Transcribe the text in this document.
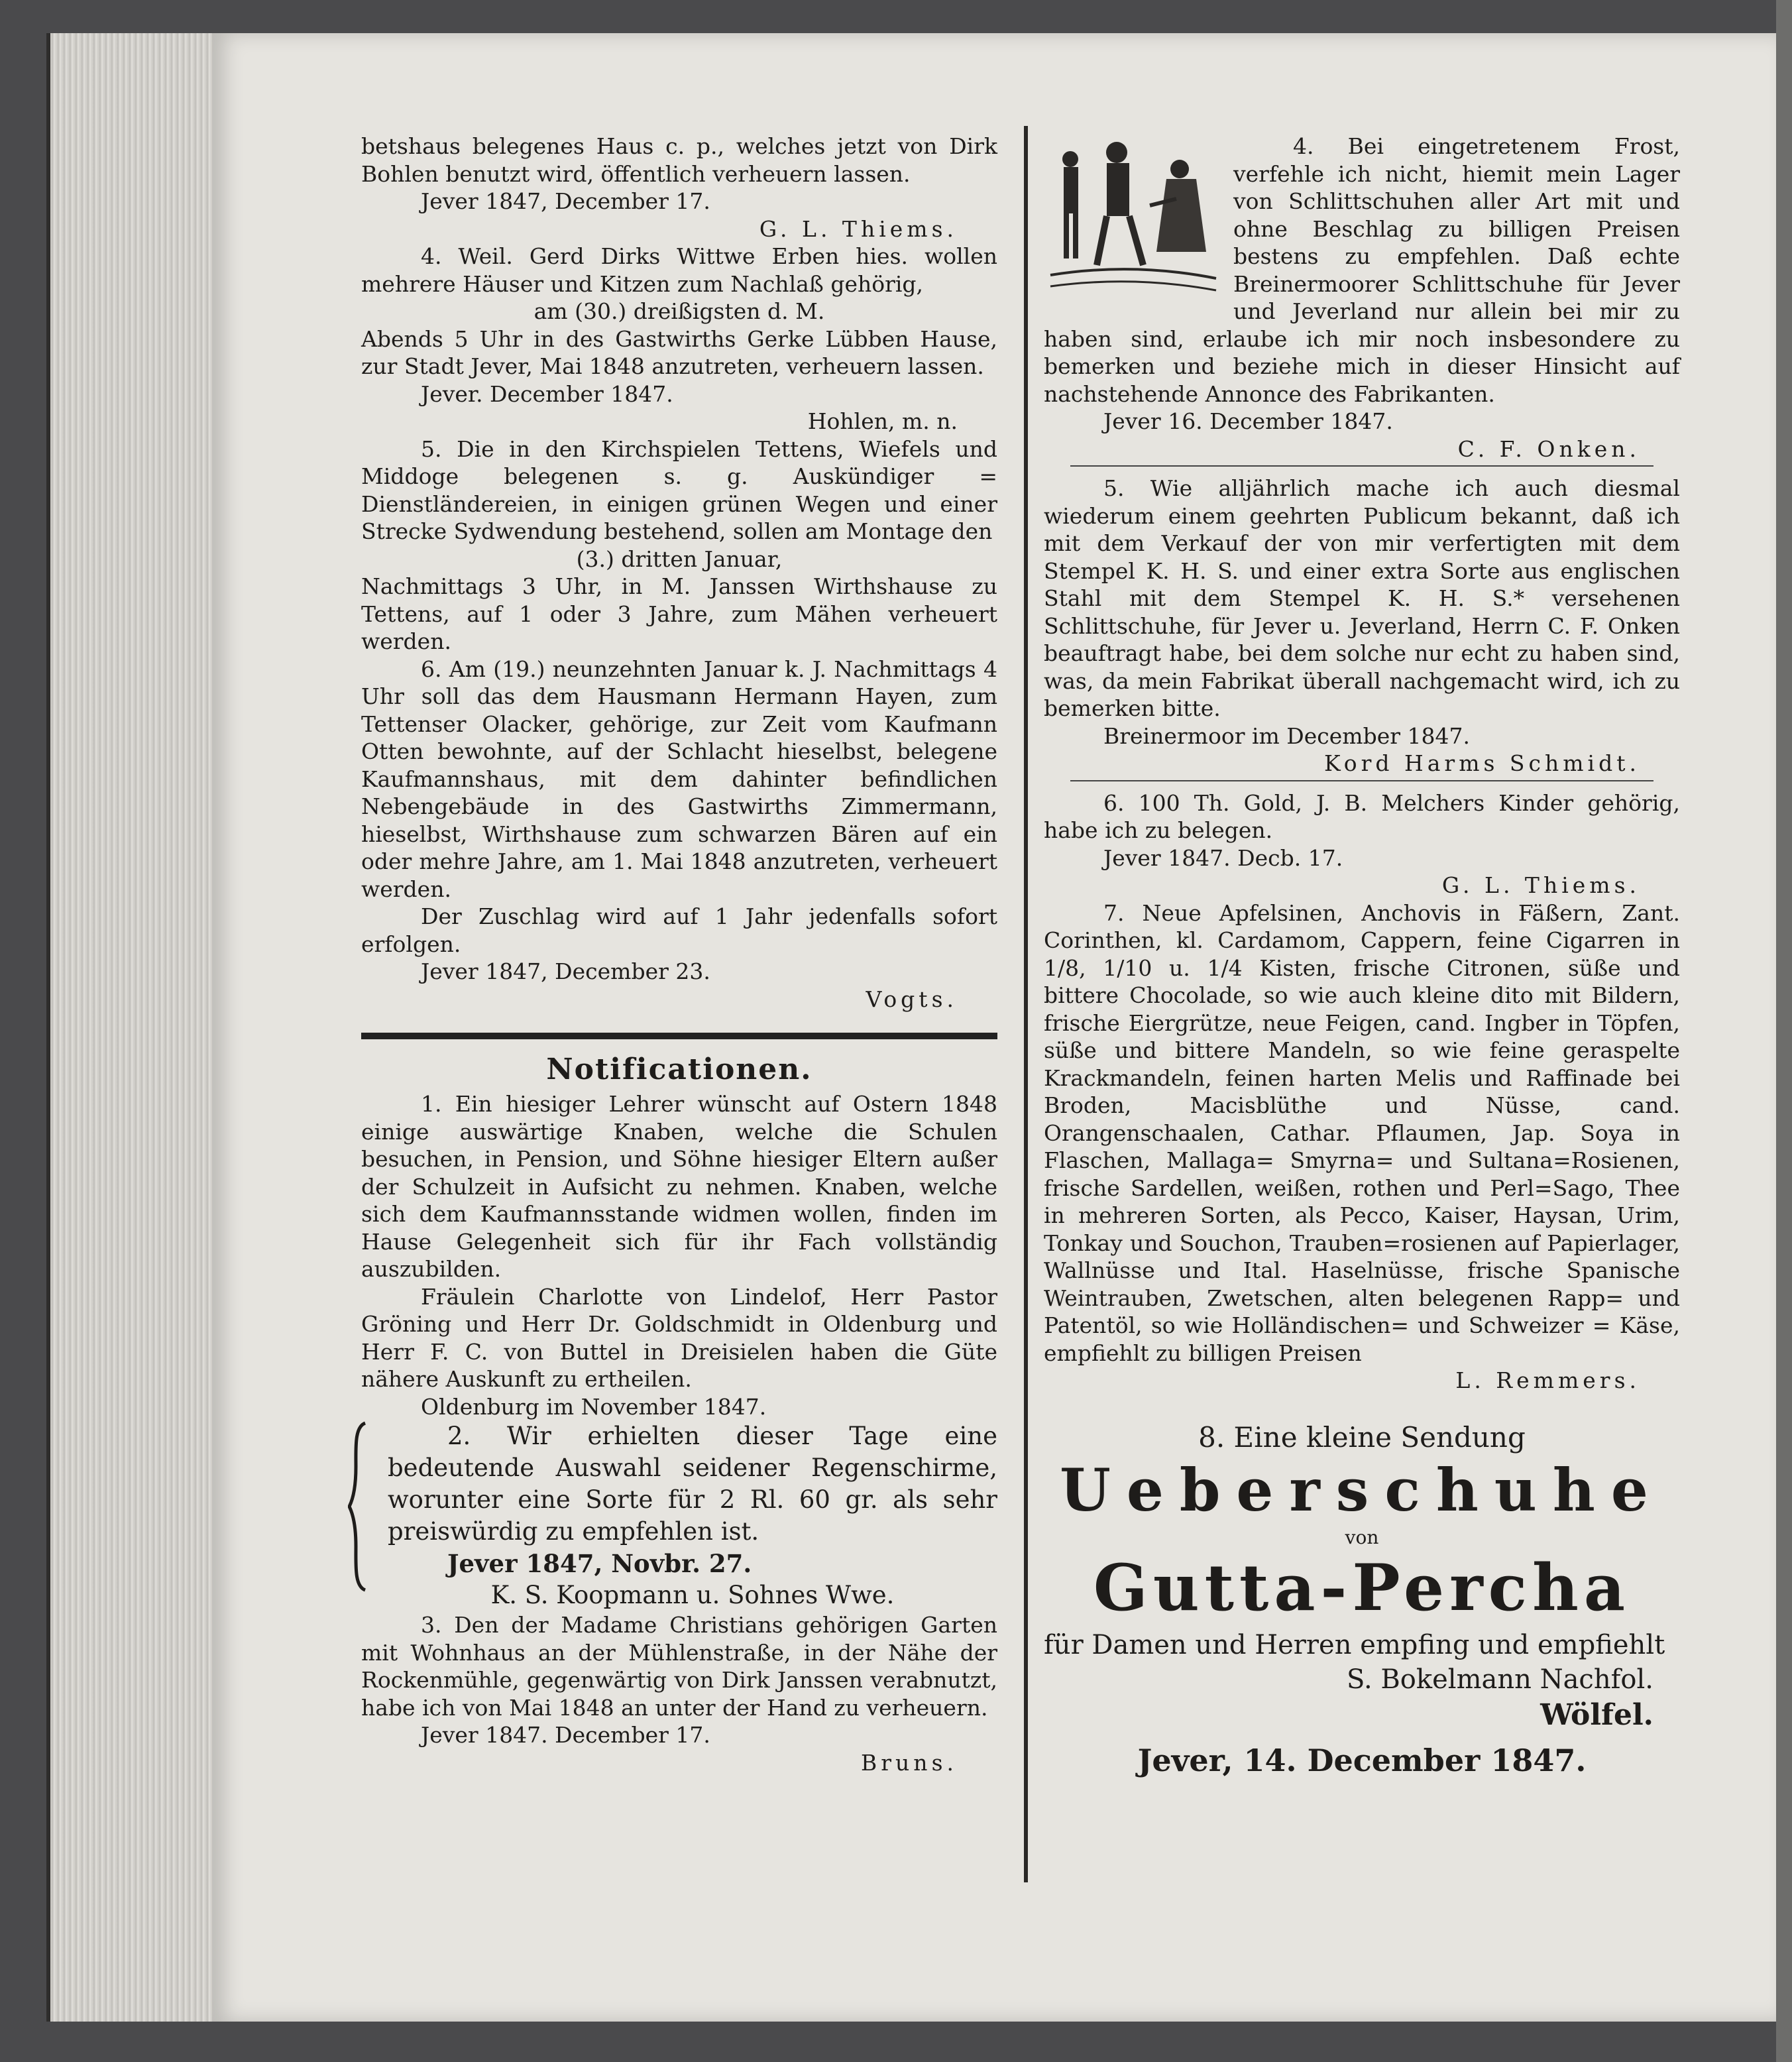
betshaus belegenes Haus c. p., welches jetzt von Dirk Bohlen benutzt wird, öffentlich verheuern lassen.

Jever 1847, December 17.

G. L. Thiems.

4. Weil. Gerd Dirks Wittwe Erben hies. wollen mehrere Häuser und Kitzen zum Nachlaß gehörig,

am (30.) dreißigsten d. M.

Abends 5 Uhr in des Gastwirths Gerke Lübben Hause, zur Stadt Jever, Mai 1848 anzutreten, verheuern lassen.

Jever. December 1847.

Hohlen, m. n.

5. Die in den Kirchspielen Tettens, Wiefels und Middoge belegenen s. g. Auskündiger = Dienstländereien, in einigen grünen Wegen und einer Strecke Sydwendung bestehend, sollen am Montage den

(3.) dritten Januar,

Nachmittags 3 Uhr, in M. Janssen Wirthshause zu Tettens, auf 1 oder 3 Jahre, zum Mähen verheuert werden.

6. Am (19.) neunzehnten Januar k. J. Nachmittags 4 Uhr soll das dem Hausmann Hermann Hayen, zum Tettenser Olacker, gehörige, zur Zeit vom Kaufmann Otten bewohnte, auf der Schlacht hieselbst, belegene Kaufmannshaus, mit dem dahinter befindlichen Nebengebäude in des Gastwirths Zimmermann, hieselbst, Wirthshause zum schwarzen Bären auf ein oder mehre Jahre, am 1. Mai 1848 anzutreten, verheuert werden.

Der Zuschlag wird auf 1 Jahr jedenfalls sofort erfolgen.

Jever 1847, December 23.

Vogts.

Notificationen.

1. Ein hiesiger Lehrer wünscht auf Ostern 1848 einige auswärtige Knaben, welche die Schulen besuchen, in Pension, und Söhne hiesiger Eltern außer der Schulzeit in Aufsicht zu nehmen. Knaben, welche sich dem Kaufmannsstande widmen wollen, finden im Hause Gelegenheit sich für ihr Fach vollständig auszubilden.

Fräulein Charlotte von Lindelof, Herr Pastor Gröning und Herr Dr. Goldschmidt in Oldenburg und Herr F. C. von Buttel in Dreisielen haben die Güte nähere Auskunft zu ertheilen.

Oldenburg im November 1847.

2. Wir erhielten dieser Tage eine bedeutende Auswahl seidener Regenschirme, worunter eine Sorte für 2 Rl. 60 gr. als sehr preiswürdig zu empfehlen ist.

Jever 1847, Novbr. 27.

K. S. Koopmann u. Sohnes Wwe.

3. Den der Madame Christians gehörigen Garten mit Wohnhaus an der Mühlenstraße, in der Nähe der Rockenmühle, gegenwärtig von Dirk Janssen verabnutzt, habe ich von Mai 1848 an unter der Hand zu verheuern.

Jever 1847. December 17.

Bruns.

4. Bei eingetretenem Frost, verfehle ich nicht, hiemit mein Lager von Schlittschuhen aller Art mit und ohne Beschlag zu billigen Preisen bestens zu empfehlen. Daß echte Breinermoorer Schlittschuhe für Jever und Jeverland nur allein bei mir zu haben sind, erlaube ich mir noch insbesondere zu bemerken und beziehe mich in dieser Hinsicht auf nachstehende Annonce des Fabrikanten.

Jever 16. December 1847.

C. F. Onken.

5. Wie alljährlich mache ich auch diesmal wiederum einem geehrten Publicum bekannt, daß ich mit dem Verkauf der von mir verfertigten mit dem Stempel K. H. S. und einer extra Sorte aus englischen Stahl mit dem Stempel K. H. S.* versehenen Schlittschuhe, für Jever u. Jeverland, Herrn C. F. Onken beauftragt habe, bei dem solche nur echt zu haben sind, was, da mein Fabrikat überall nachgemacht wird, ich zu bemerken bitte.

Breinermoor im December 1847.

Kord Harms Schmidt.

6. 100 Th. Gold, J. B. Melchers Kinder gehörig, habe ich zu belegen.

Jever 1847. Decb. 17.

G. L. Thiems.

7. Neue Apfelsinen, Anchovis in Fäßern, Zant. Corinthen, kl. Cardamom, Cappern, feine Cigarren in 1/8, 1/10 u. 1/4 Kisten, frische Citronen, süße und bittere Chocolade, so wie auch kleine dito mit Bildern, frische Eiergrütze, neue Feigen, cand. Ingber in Töpfen, süße und bittere Mandeln, so wie feine geraspelte Krackmandeln, feinen harten Melis und Raffinade bei Broden, Macisblüthe und Nüsse, cand. Orangenschaalen, Cathar. Pflaumen, Jap. Soya in Flaschen, Mallaga= Smyrna= und Sultana=Rosienen, frische Sardellen, weißen, rothen und Perl=Sago, Thee in mehreren Sorten, als Pecco, Kaiser, Haysan, Urim, Tonkay und Souchon, Trauben=rosienen auf Papierlager, Wallnüsse und Ital. Haselnüsse, frische Spanische Weintrauben, Zwetschen, alten belegenen Rapp= und Patentöl, so wie Holländischen= und Schweizer = Käse, empfiehlt zu billigen Preisen

L. Remmers.

8. Eine kleine Sendung
Ueberschuhe
von
Gutta-Percha
für Damen und Herren empfing und empfiehlt
S. Bokelmann Nachfol.
Wölfel.
Jever, 14. December 1847.
